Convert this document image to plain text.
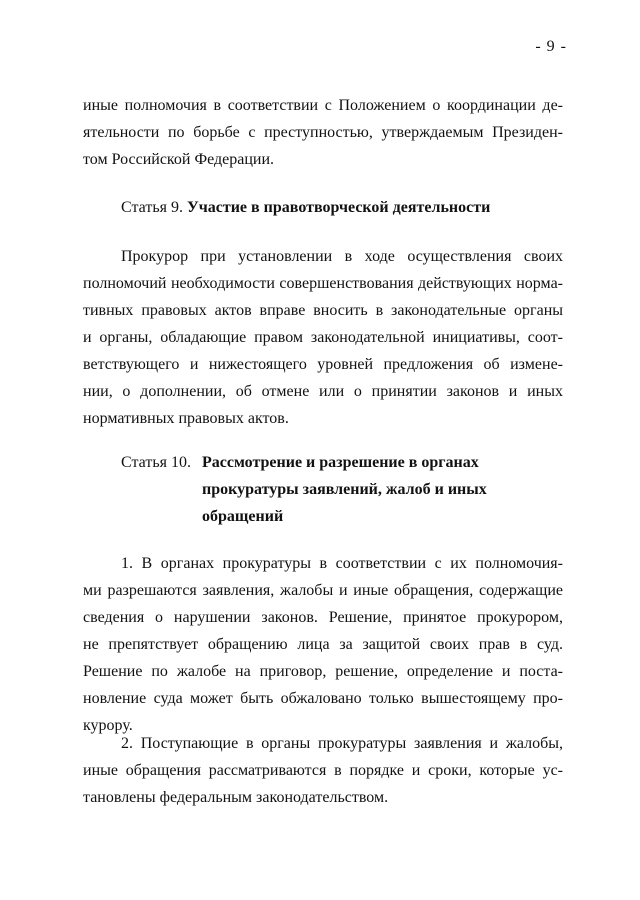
- 9 -
иные полномочия в соответствии с Положением о координации де-
ятельности по борьбе с преступностью, утверждаемым Президен-
том Российской Федерации.
Статья 9. Участие в правотворческой деятельности
Прокурор при установлении в ходе осуществления своих
полномочий необходимости совершенствования действующих норма-
тивных правовых актов вправе вносить в законодательные органы
и органы, обладающие правом законодательной инициативы, соот-
ветствующего и нижестоящего уровней предложения об измене-
нии, о дополнении, об отмене или о принятии законов и иных
нормативных правовых актов.
Статья 10. Рассмотрение и разрешение в органах
прокуратуры заявлений, жалоб и иных
обращений
1. В органах прокуратуры в соответствии с их полномочия-
ми разрешаются заявления, жалобы и иные обращения, содержащие
сведения о нарушении законов. Решение, принятое прокурором,
не препятствует обращению лица за защитой своих прав в суд.
Решение по жалобе на приговор, решение, определение и поста-
новление суда может быть обжаловано только вышестоящему про-
курору.
2. Поступающие в органы прокуратуры заявления и жалобы,
иные обращения рассматриваются в порядке и сроки, которые ус-
тановлены федеральным законодательством.
